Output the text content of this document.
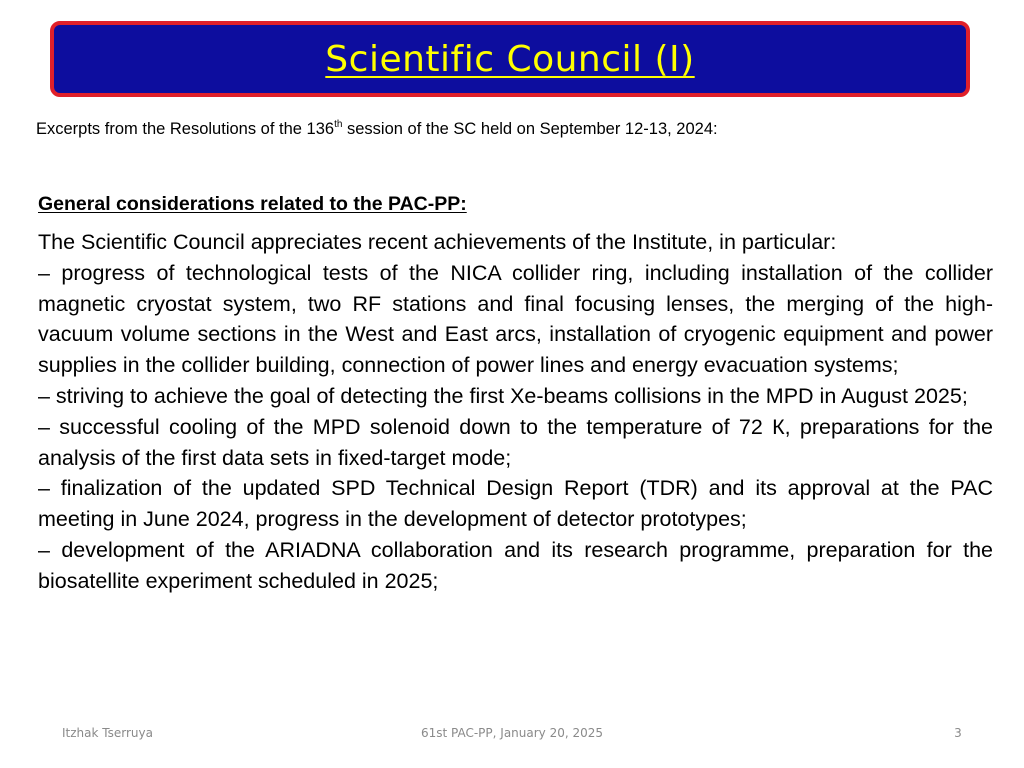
Scientific Council (I)
Excerpts from the Resolutions of the 136th session of the SC held on September 12-13, 2024:
General considerations related to the PAC-PP:
The Scientific Council appreciates recent achievements of the Institute, in particular:
– progress of technological tests of the NICA collider ring, including installation of the collider magnetic cryostat system, two RF stations and final focusing lenses, the merging of the high-vacuum volume sections in the West and East arcs, installation of cryogenic equipment and power supplies in the collider building, connection of power lines and energy evacuation systems;
– striving to achieve the goal of detecting the first Xe-beams collisions in the MPD in August 2025;
– successful cooling of the MPD solenoid down to the temperature of 72 К, preparations for the analysis of the first data sets in fixed-target mode;
– finalization of the updated SPD Technical Design Report (TDR) and its approval at the PAC meeting in June 2024, progress in the development of detector prototypes;
– development of the ARIADNA collaboration and its research programme, preparation for the biosatellite experiment scheduled in 2025;
Itzhak Tserruya	61st PAC-PP, January 20, 2025	3
